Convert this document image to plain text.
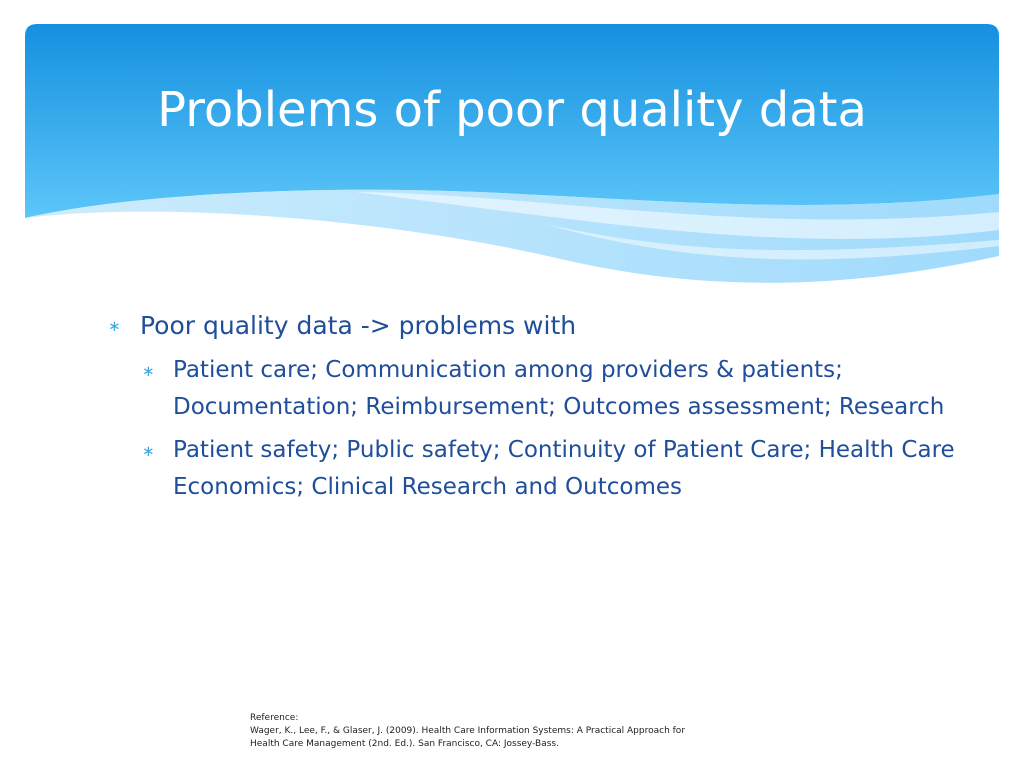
Problems of poor quality data
∗ Poor quality data -> problems with
∗ Patient care; Communication among providers & patients; Documentation; Reimbursement; Outcomes assessment; Research
∗ Patient safety; Public safety; Continuity of Patient Care; Health Care Economics; Clinical Research and Outcomes
Reference:
Wager, K., Lee, F., & Glaser, J. (2009). Health Care Information Systems: A Practical Approach for
Health Care Management (2nd. Ed.). San Francisco, CA: Jossey-Bass.
